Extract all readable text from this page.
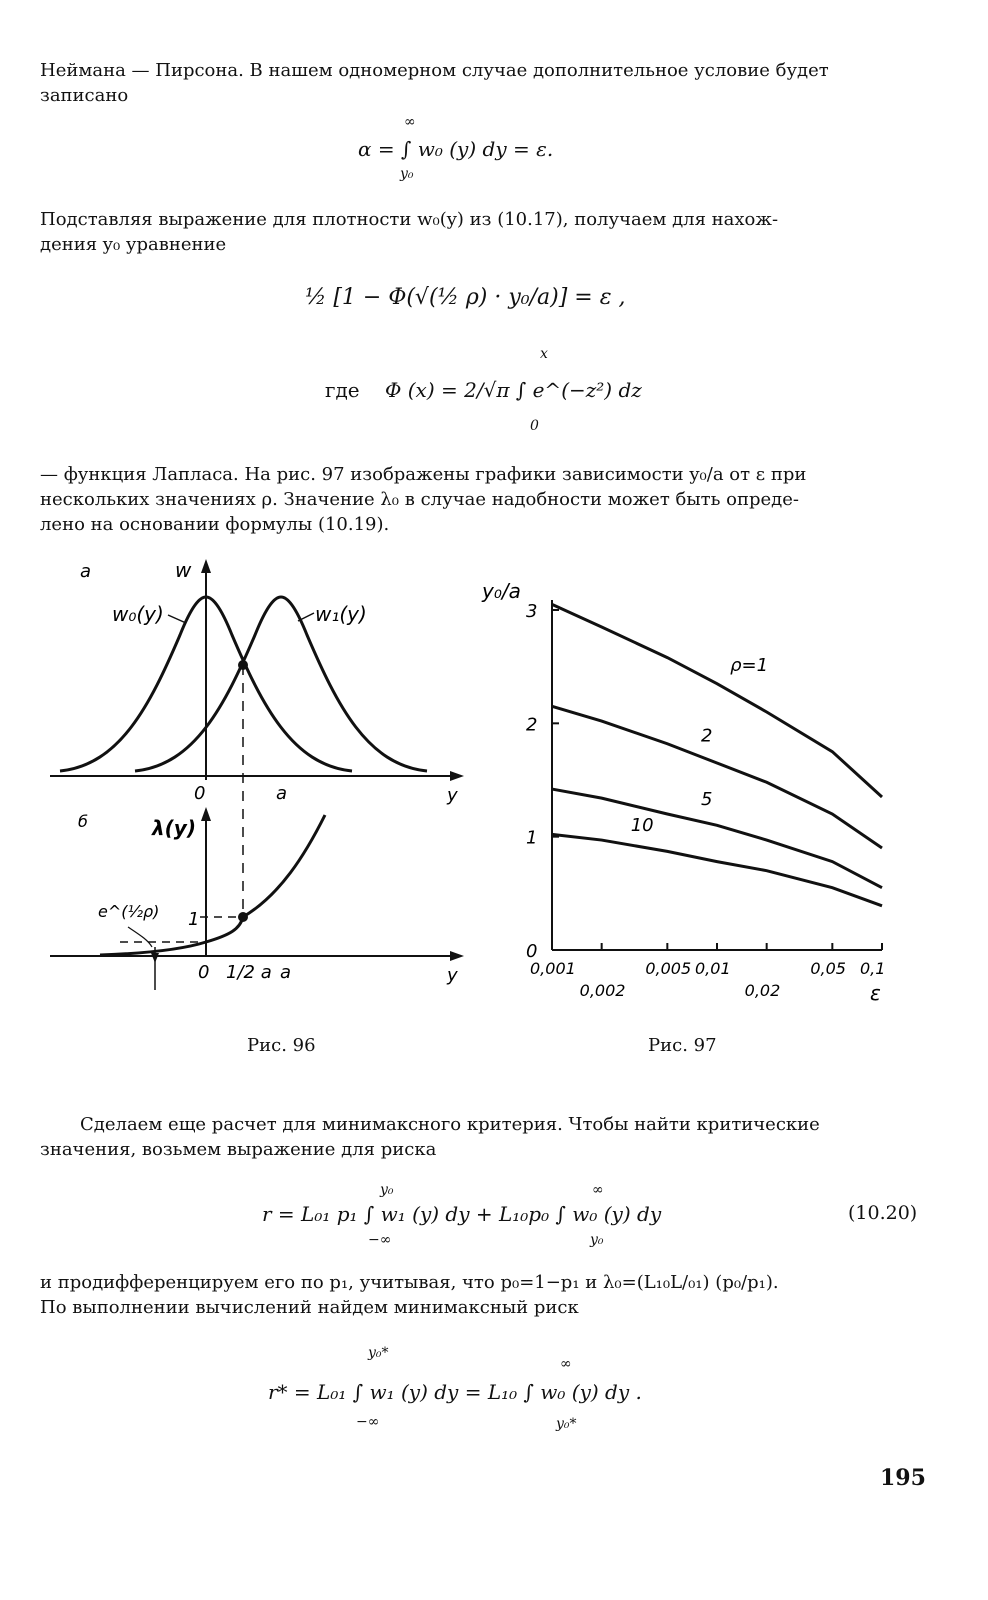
Неймана — Пирсона. В нашем одномерном случае дополнительное условие будет
записано
∞
α = ∫ w₀ (y) dy = ε.
y₀
Подставляя выражение для плотности w₀(y) из (10.17), получаем для нахож-
дения y₀ уравнение
½ [1 − Φ(√(½ ρ) · y₀/a)] = ε ,
где
x
Φ (x) = 2/√π ∫ e^(−z²) dz
0
— функция Лапласа. На рис. 97 изображены графики зависимости y₀/a от ε при
нескольких значениях ρ. Значение λ₀ в случае надобности может быть опреде-
лено на основании формулы (10.19).
a	w
w₀(y)	w₁(y)
0	a	y
б	λ(y)
1
e^(½ρ)
0 1/2 a a	y
Рис. 96
y₀/a
0
1
2
3
0,001	0,005 0,01	0,05 0,1
0,002	0,02
ρ=1
2
5
10
ε
Рис. 97
Сделаем еще расчет для минимаксного критерия. Чтобы найти критические
значения, возьмем выражение для риска
y₀	∞
r = L₀₁ p₁ ∫ w₁ (y) dy + L₁₀p₀ ∫ w₀ (y) dy
−∞	y₀
(10.20)
и продифференцируем его по p₁, учитывая, что p₀=1−p₁ и λ₀=(L₁₀L/₀₁) (p₀/p₁).
По выполнении вычислений найдем минимаксный риск
y₀*
∞
r* = L₀₁ ∫ w₁ (y) dy = L₁₀ ∫ w₀ (y) dy .
−∞	y₀*
195
